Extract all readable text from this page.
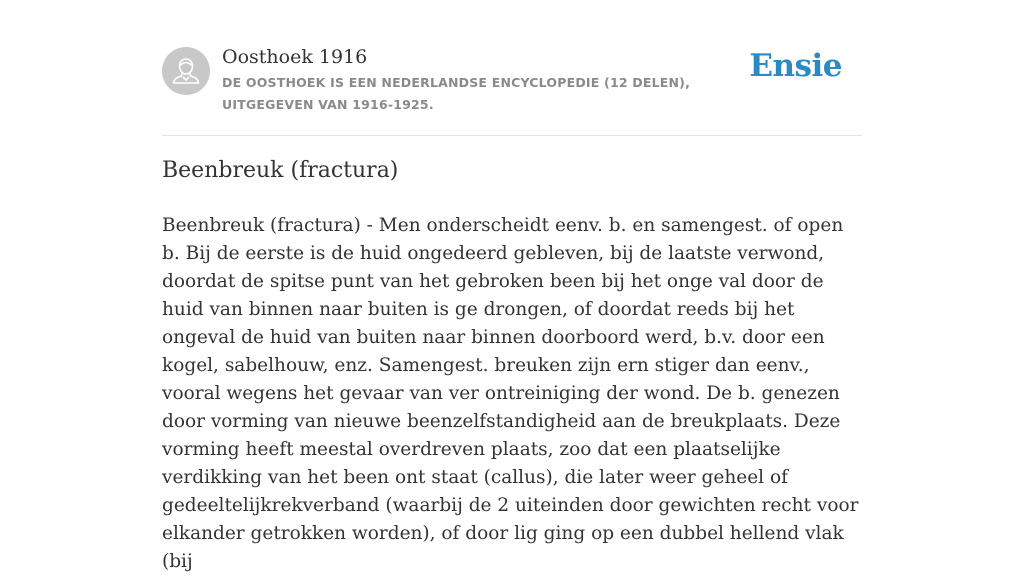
Oosthoek 1916
DE OOSTHOEK IS EEN NEDERLANDSE ENCYCLOPEDIE (12 DELEN), UITGEGEVEN VAN 1916-1925.
Ensie
Beenbreuk (fractura)

Beenbreuk (fractura) - Men onderscheidt eenv. b. en samengest. of open b. Bij de eerste is de huid ongedeerd gebleven, bij de laatste verwond, doordat de spitse punt van het gebroken been bij het onge val door de huid van binnen naar buiten is ge drongen, of doordat reeds bij het ongeval de huid van buiten naar binnen doorboord werd, b.v. door een kogel, sabelhouw, enz. Samengest. breuken zijn ern stiger dan eenv., vooral wegens het gevaar van ver ontreiniging der wond. De b. genezen door vorming van nieuwe beenzelfstandigheid aan de breukplaats. Deze vorming heeft meestal overdreven plaats, zoo dat een plaatselijke verdikking van het been ont staat (callus), die later weer geheel of gedeeltelijkrekverband (waarbij de 2 uiteinden door gewichten recht voor elkander getrokken worden), of door lig ging op een dubbel hellend vlak (bij
